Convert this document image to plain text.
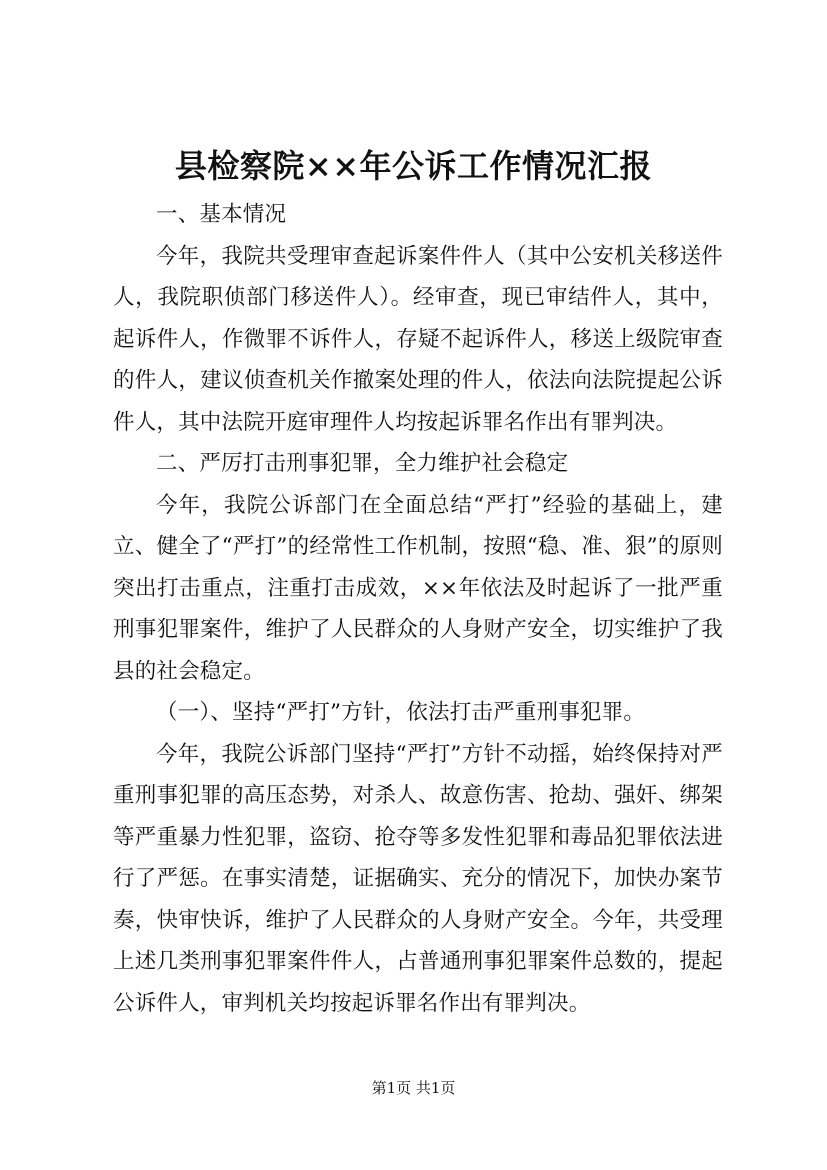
县检察院××年公诉工作情况汇报

一、基本情况

今年，我院共受理审查起诉案件件人（其中公安机关移送件人，我院职侦部门移送件人）。经审查，现已审结件人，其中，起诉件人，作微罪不诉件人，存疑不起诉件人，移送上级院审查的件人，建议侦查机关作撤案处理的件人，依法向法院提起公诉件人，其中法院开庭审理件人均按起诉罪名作出有罪判决。

二、严厉打击刑事犯罪，全力维护社会稳定

今年，我院公诉部门在全面总结“严打”经验的基础上，建立、健全了“严打”的经常性工作机制，按照“稳、准、狠”的原则突出打击重点，注重打击成效，××年依法及时起诉了一批严重刑事犯罪案件，维护了人民群众的人身财产安全，切实维护了我县的社会稳定。

（一）、坚持“严打”方针，依法打击严重刑事犯罪。

今年，我院公诉部门坚持“严打”方针不动摇，始终保持对严重刑事犯罪的高压态势，对杀人、故意伤害、抢劫、强奸、绑架等严重暴力性犯罪，盗窃、抢夺等多发性犯罪和毒品犯罪依法进行了严惩。在事实清楚，证据确实、充分的情况下，加快办案节奏，快审快诉，维护了人民群众的人身财产安全。今年，共受理上述几类刑事犯罪案件件人，占普通刑事犯罪案件总数的，提起公诉件人，审判机关均按起诉罪名作出有罪判决。

第1页 共1页
